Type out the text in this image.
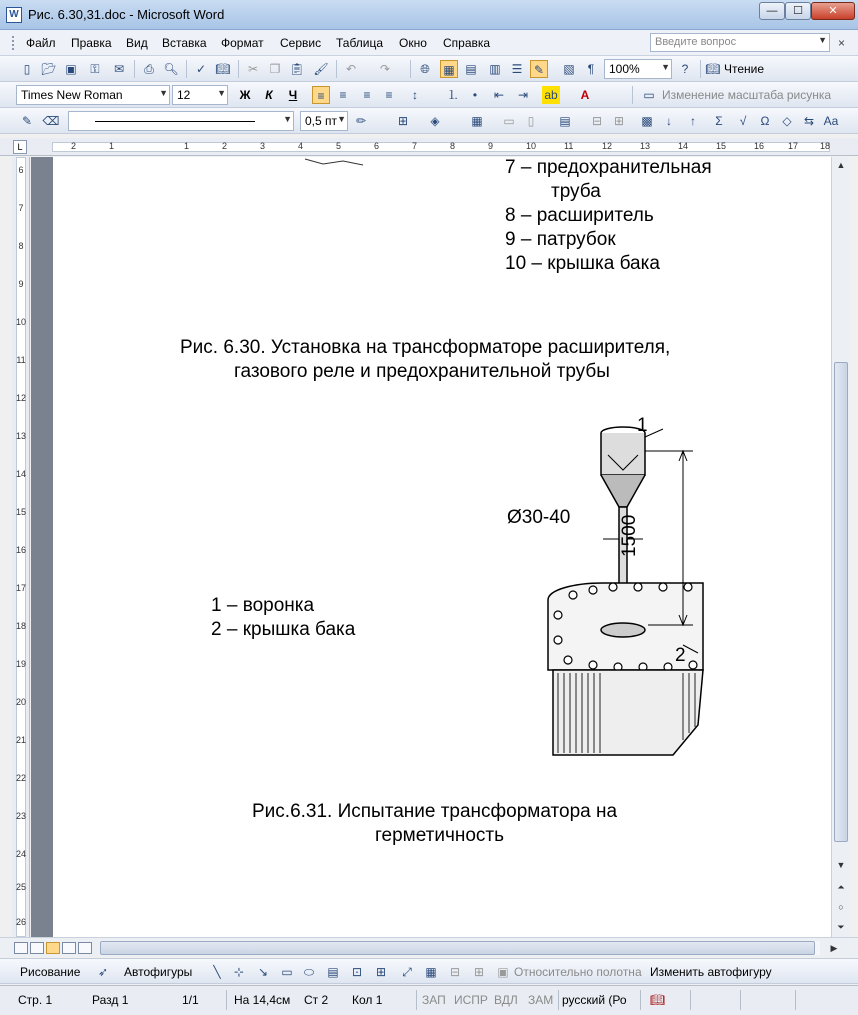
W Рис. 6.30,31.doc - Microsoft Word	—	☐	✕
Файл Правка Вид Вставка Формат Сервис Таблица Окно Справка	Введите вопрос	▼ ×
▯ 📂︎ ▣	⚿	✉	⎙ 🔍︎	✓ 📖︎	✂ ❐ 📋︎ 🖌︎	↶	↷	🌐︎	▦ ▤ ▥ ☰ ✎	▧	¶	100% ▼ ?	📖︎ Чтение
Times New Roman	▼ 12	▼ Ж	К	Ч	≡	≡	≡	≡	↕	⒈	•	⇤	⇥	ab	A	▭ Изменение масштаба рисунка
✎ ⌫	▼	0,5 пт ▼ ✏	⊞	◈	▦ ▭	▯	▤	⊟ ⊞	▩	↓	↑	Σ	√	Ω	◇	⇆ Aa
L	2	1	1	2	3	4	5	6	7	8	9	10	11	12	13	14	15	16	17 18
6
7
8
9
10
11
12
13
14
15
16
17
18
19
20
21
22
23
24
25
26
7 – предохранительная
труба
8 – расширитель
9 – патрубок
10 – крышка бака
Рис. 6.30. Установка на трансформаторе расширителя,
газового реле и предохранительной трубы
1
Ø30-40	1500
2
1 – воронка
2 – крышка бака
Рис.6.31. Испытание трансформатора на
герметичность
▲
▼
⏶
○
⏷
▶
Рисование	➶	Автофигуры	╲	⊹	↘	▭ ⬭	▤	⊡	⊞	⤢	▦	⊟	⊞	▣ Относительно полотна Изменить автофигуру
Стр. 1	Разд 1	1/1	На 14,4см Ст 2 Кол 1	ЗАП ИСПР ВДЛ ЗАМ русский (Ро 📖︎
